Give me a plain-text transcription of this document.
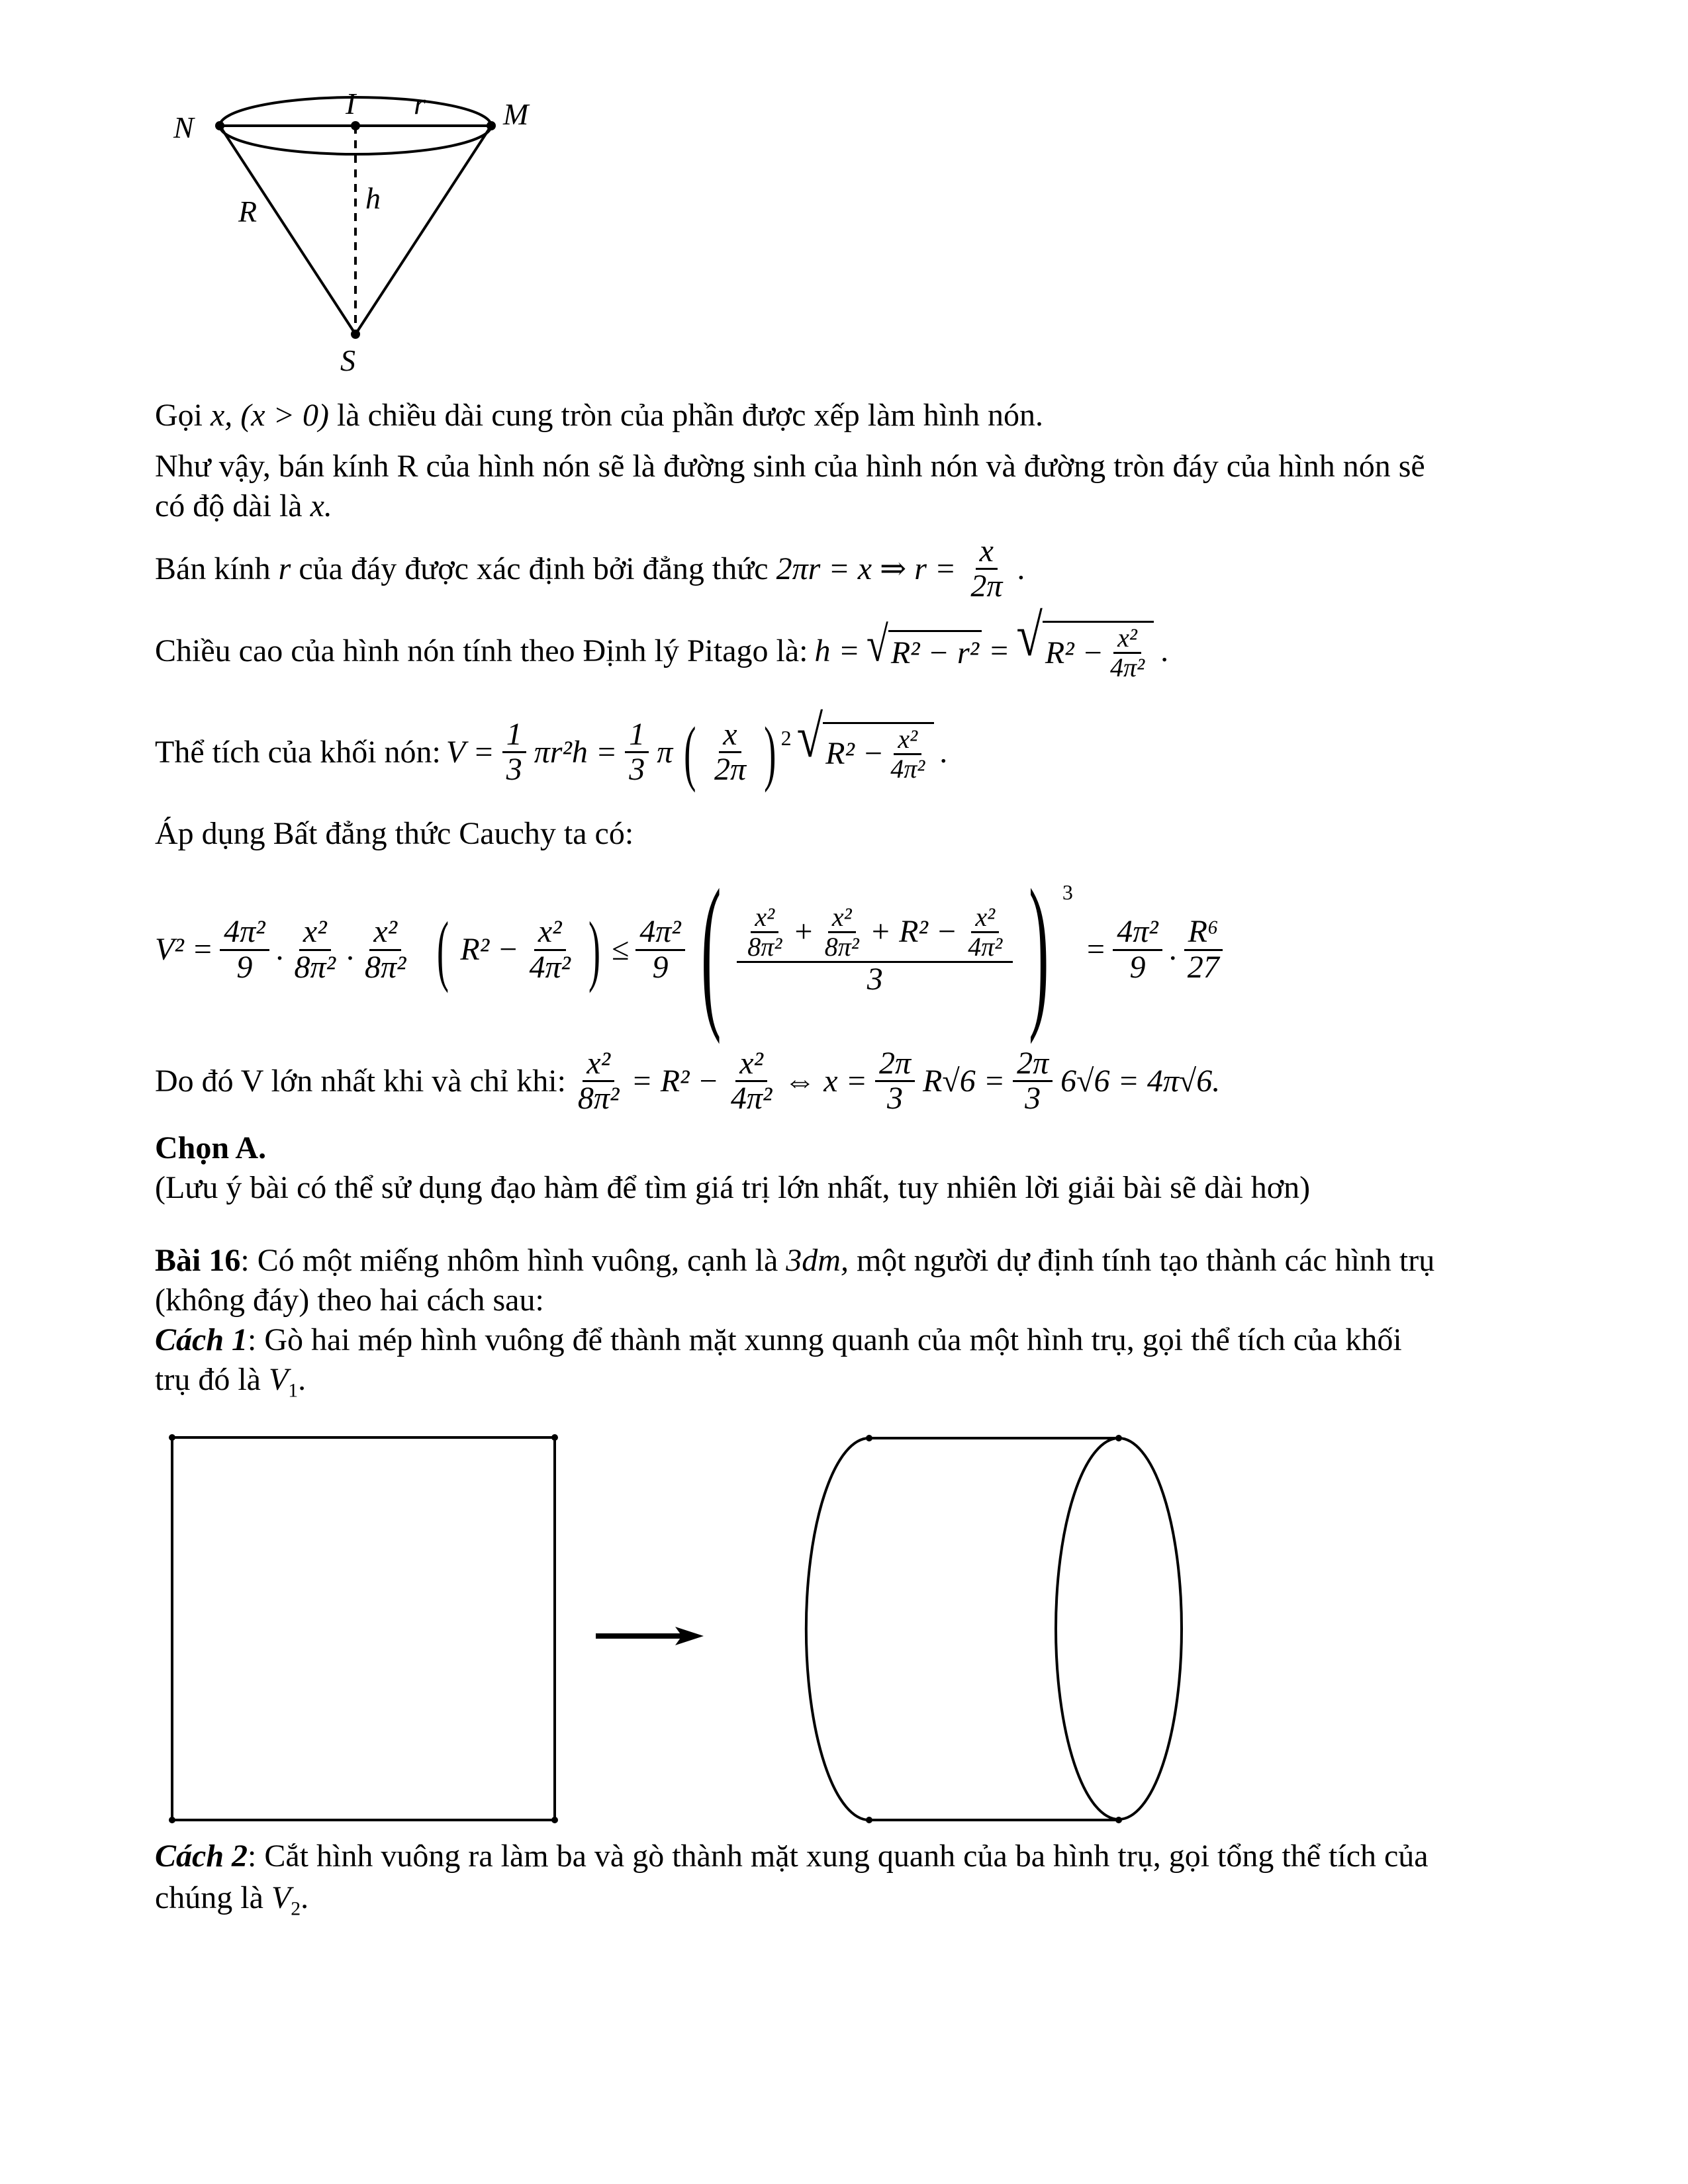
N
I r	M
R	h
S
Gọi x, (x > 0) là chiều dài cung tròn của phần được xếp làm hình nón.
Như vậy, bán kính R của hình nón sẽ là đường sinh của hình nón và đường tròn đáy của hình nón sẽ
có độ dài là x.
Bán kính r của đáy được xác định bởi đẳng thức 2πr = x ⇒ $r = \frac{x}{2\pi}$ .
Chiều cao của hình nón tính theo Định lý Pitago là: h = √ R² − r² = √ $R^2 - \frac{\text{x²}}{\text{4π²}}$ .
Thể tích của khối nón: $V = \frac{1}{3} \pi r^2h = \frac{1}{3}$ π ( $\frac{x}{2\pi}$ ) 2 √ $R^2 - \frac{\text{x²}}{\text{4π²}}$ .
Áp dụng Bất đẳng thức Cauchy ta có:
$V^2 = \frac{\text{4π²}}{9}$ . $\frac{\text{x²}}{\text{8π²}}$ . $\frac{\text{x²}}{\text{8π²}}$ ( $R^2 - \frac{\text{x²}}{\text{4π²}}$ ) ≤ $\frac{\text{4π²}}{9}$ ( $\frac{\frac{\text{x²}}{\text{8π²}} + \frac{\text{x²}}{\text{8π²}} + R^2 - \frac{\text{x²}}{\text{4π²}}}{3}$ ) 3
= $\frac{\text{4π²}}{9}$ . $\frac{\text{R⁶}}{27}$
Do đó V lớn nhất khi và chỉ khi: $\frac{\text{x²}}{\text{8π²}} = R^2 - \frac{\text{x²}}{\text{4π²}}$ ⇔ $x = \frac{2\pi}{3} R√6 = \frac{2\pi}{3} 6√6 = 4\pi√6$.
Chọn A.
(Lưu ý bài có thể sử dụng đạo hàm để tìm giá trị lớn nhất, tuy nhiên lời giải bài sẽ dài hơn)
Bài 16: Có một miếng nhôm hình vuông, cạnh là 3dm, một người dự định tính tạo thành các hình trụ
(không đáy) theo hai cách sau:
Cách 1: Gò hai mép hình vuông để thành mặt xunng quanh của một hình trụ, gọi thể tích của khối
trụ đó là $V_1$.
Cách 2: Cắt hình vuông ra làm ba và gò thành mặt xung quanh của ba hình trụ, gọi tổng thể tích của
chúng là $V_2$.
